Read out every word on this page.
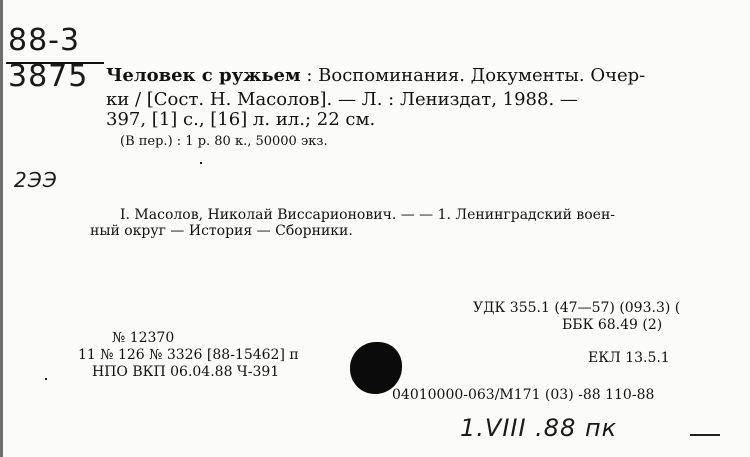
88-3
3875 Человек с ружьем : Воспоминания. Документы. Очер-
ки / [Сост. Н. Масолов]. — Л. : Лениздат, 1988. —
397, [1] с., [16] л. ил.; 22 см.
(В пер.) : 1 р. 80 к., 50000 экз.
2ЭЭ
I. Масолов, Николай Виссарионович. — — 1. Ленинградский воен-
ный округ — История — Сборники.
УДК 355.1 (47—57) (093.3) (
ББК 68.49 (2)
№ 12370
11 № 126 № 3326 [88-15462] п	ЕКЛ 13.5.1
НПО ВКП 06.04.88 Ч-391
04010000-063/М171 (03) -88 110-88
1.VIII .88 пк
